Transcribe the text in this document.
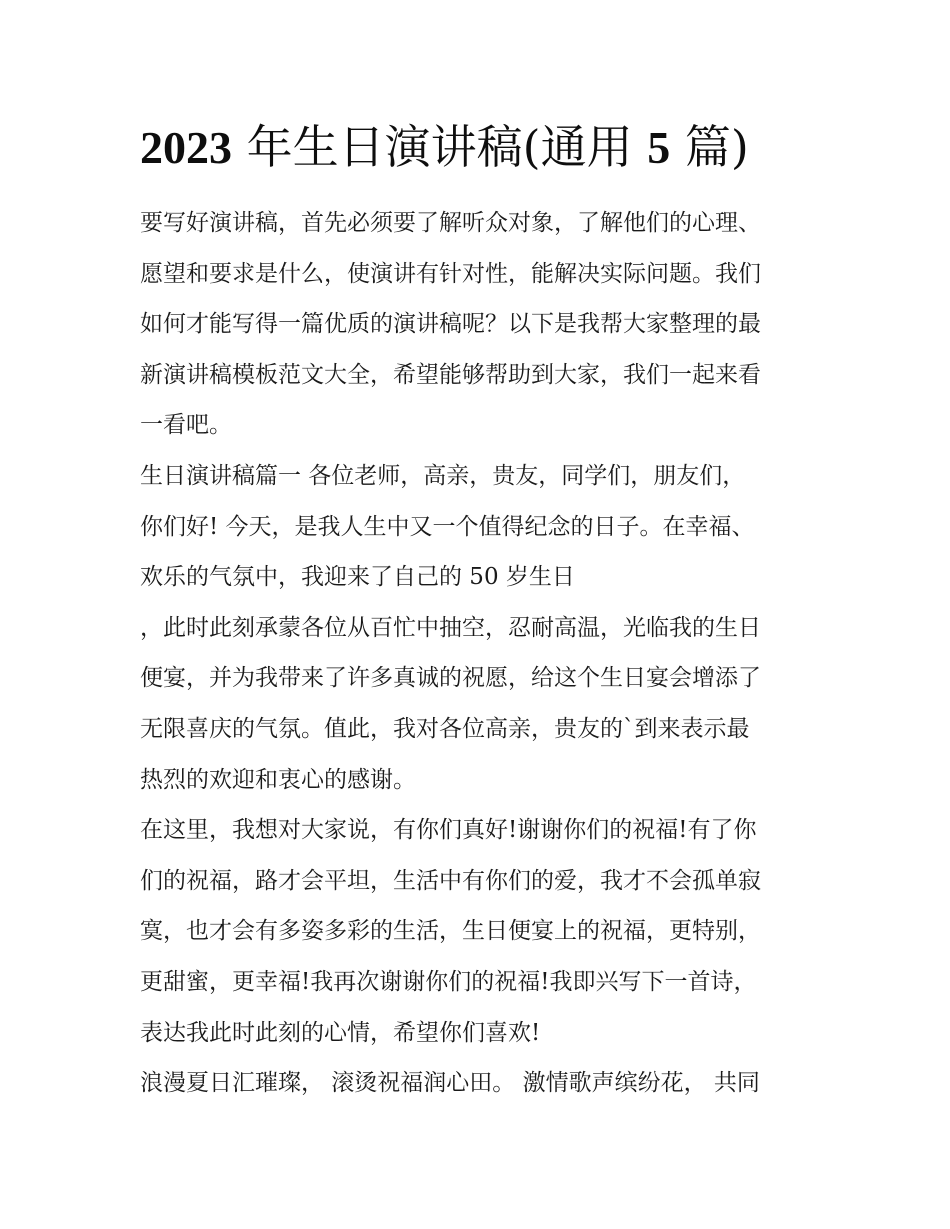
2023 年生日演讲稿(通用 5 篇)
要写好演讲稿，首先必须要了解听众对象，了解他们的心理、
愿望和要求是什么，使演讲有针对性，能解决实际问题。我们
如何才能写得一篇优质的演讲稿呢？以下是我帮大家整理的最
新演讲稿模板范文大全，希望能够帮助到大家，我们一起来看
一看吧。
生日演讲稿篇一 各位老师，高亲，贵友，同学们，朋友们，
你们好! 今天，是我人生中又一个值得纪念的日子。在幸福、
欢乐的气氛中，我迎来了自己的 50 岁生日
，此时此刻承蒙各位从百忙中抽空，忍耐高温，光临我的生日
便宴，并为我带来了许多真诚的祝愿，给这个生日宴会增添了
无限喜庆的气氛。值此，我对各位高亲，贵友的`到来表示最
热烈的欢迎和衷心的感谢。
在这里，我想对大家说，有你们真好!谢谢你们的祝福!有了你
们的祝福，路才会平坦，生活中有你们的爱，我才不会孤单寂
寞，也才会有多姿多彩的生活，生日便宴上的祝福，更特别，
更甜蜜，更幸福!我再次谢谢你们的祝福!我即兴写下一首诗，
表达我此时此刻的心情，希望你们喜欢!
浪漫夏日汇璀璨， 滚烫祝福润心田。 激情歌声缤纷花， 共同
